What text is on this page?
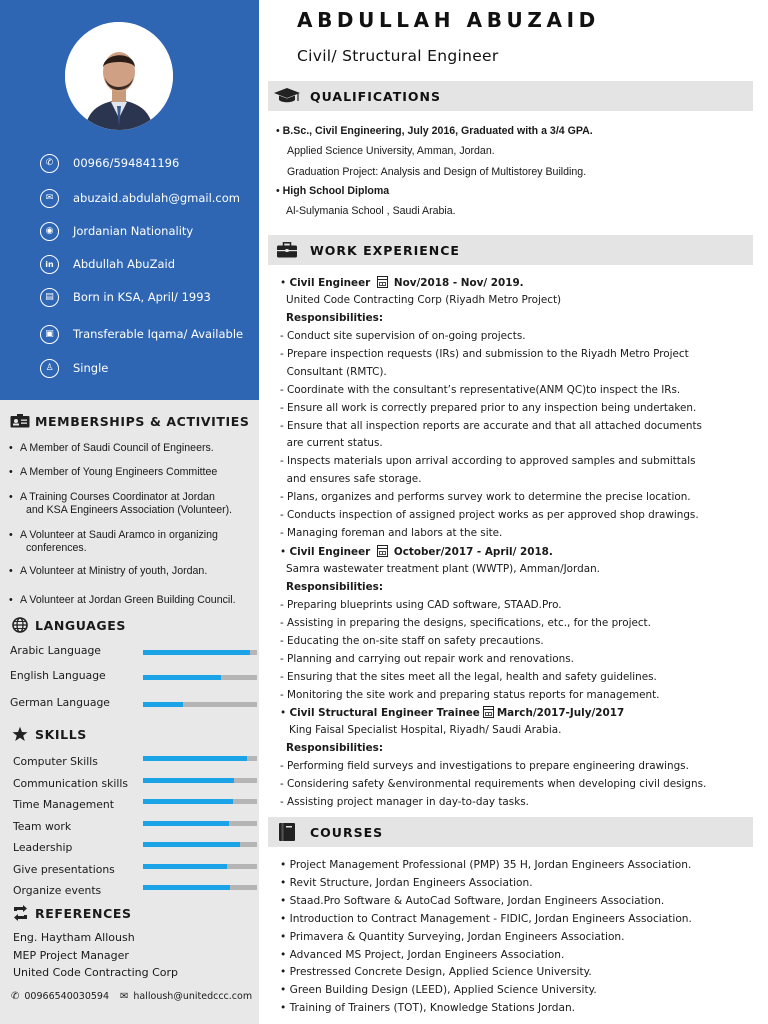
✆	00966/594841196
✉	abuzaid.abdulah@gmail.com
◉	Jordanian Nationality
in	Abdullah AbuZaid
▤	Born in KSA, April/ 1993
▣	Transferable Iqama/ Available
♙	Single
MEMBERSHIPS & ACTIVITIES
• A Member of Saudi Council of Engineers.
• A Member of Young Engineers Committee
• A Training Courses Coordinator at Jordan
and KSA Engineers Association (Volunteer).
• A Volunteer at Saudi Aramco in organizing
conferences.
• A Volunteer at Ministry of youth, Jordan.
• A Volunteer at Jordan Green Building Council.
LANGUAGES
SKILLS
REFERENCES
Eng. Haytham Alloush
MEP Project Manager
United Code Contracting Corp
✆ 00966540030594 ✉ halloush@unitedccc.com
ABDULLAH ABUZAID
Civil/ Structural Engineer
QUALIFICATIONS
• B.Sc., Civil Engineering, July 2016, Graduated with a 3/4 GPA.
Applied Science University, Amman, Jordan.
Graduation Project: Analysis and Design of Multistorey Building.
• High School Diploma
Al-Sulymania School , Saudi Arabia.
WORK EXPERIENCE
• Civil Engineer Nov/2018 - Nov/ 2019.
United Code Contracting Corp (Riyadh Metro Project)
Responsibilities:
• Civil Engineer October/2017 - April/ 2018.
Samra wastewater treatment plant (WWTP), Amman/Jordan.
Responsibilities:
• Civil Structural Engineer Trainee March/2017-July/2017
King Faisal Specialist Hospital, Riyadh/ Saudi Arabia.
Responsibilities:
COURSES
Arabic Language
English Language
German Language
Computer Skills
Communication skills
Time Management
Team work
Leadership
Give presentations
Organize events
- Conduct site supervision of on-going projects.
- Prepare inspection requests (IRs) and submission to the Riyadh Metro Project
Consultant (RMTC).
- Coordinate with the consultant’s representative(ANM QC)to inspect the IRs.
- Ensure all work is correctly prepared prior to any inspection being undertaken.
- Ensure that all inspection reports are accurate and that all attached documents
are current status.
- Inspects materials upon arrival according to approved samples and submittals
and ensures safe storage.
- Plans, organizes and performs survey work to determine the precise location.
- Conducts inspection of assigned project works as per approved shop drawings.
- Managing foreman and labors at the site.
- Preparing blueprints using CAD software, STAAD.Pro.
- Assisting in preparing the designs, specifications, etc., for the project.
- Educating the on-site staff on safety precautions.
- Planning and carrying out repair work and renovations.
- Ensuring that the sites meet all the legal, health and safety guidelines.
- Monitoring the site work and preparing status reports for management.
- Performing field surveys and investigations to prepare engineering drawings.
- Considering safety &environmental requirements when developing civil designs.
- Assisting project manager in day-to-day tasks.
• Project Management Professional (PMP) 35 H, Jordan Engineers Association.
• Revit Structure, Jordan Engineers Association.
• Staad.Pro Software & AutoCad Software, Jordan Engineers Association.
• Introduction to Contract Management - FIDIC, Jordan Engineers Association.
• Primavera & Quantity Surveying, Jordan Engineers Association.
• Advanced MS Project, Jordan Engineers Association.
• Prestressed Concrete Design, Applied Science University.
• Green Building Design (LEED), Applied Science University.
• Training of Trainers (TOT), Knowledge Stations Jordan.
